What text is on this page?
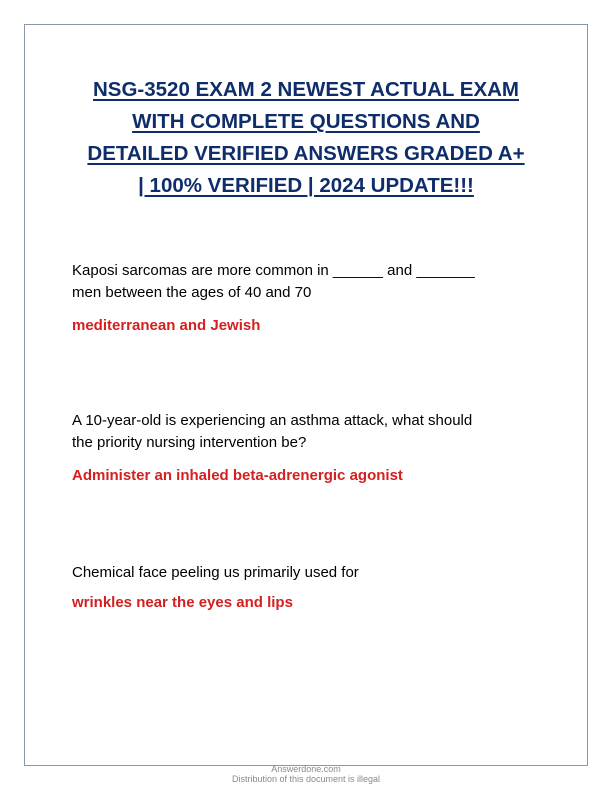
NSG-3520 EXAM 2 NEWEST ACTUAL EXAM
WITH COMPLETE QUESTIONS AND
DETAILED VERIFIED ANSWERS GRADED A+
| 100% VERIFIED | 2024 UPDATE!!!
Kaposi sarcomas are more common in ______ and _______
men between the ages of 40 and 70
mediterranean and Jewish
A 10-year-old is experiencing an asthma attack, what should
the priority nursing intervention be?
Administer an inhaled beta-adrenergic agonist
Chemical face peeling us primarily used for
wrinkles near the eyes and lips
Answerdone.com
Distribution of this document is illegal
